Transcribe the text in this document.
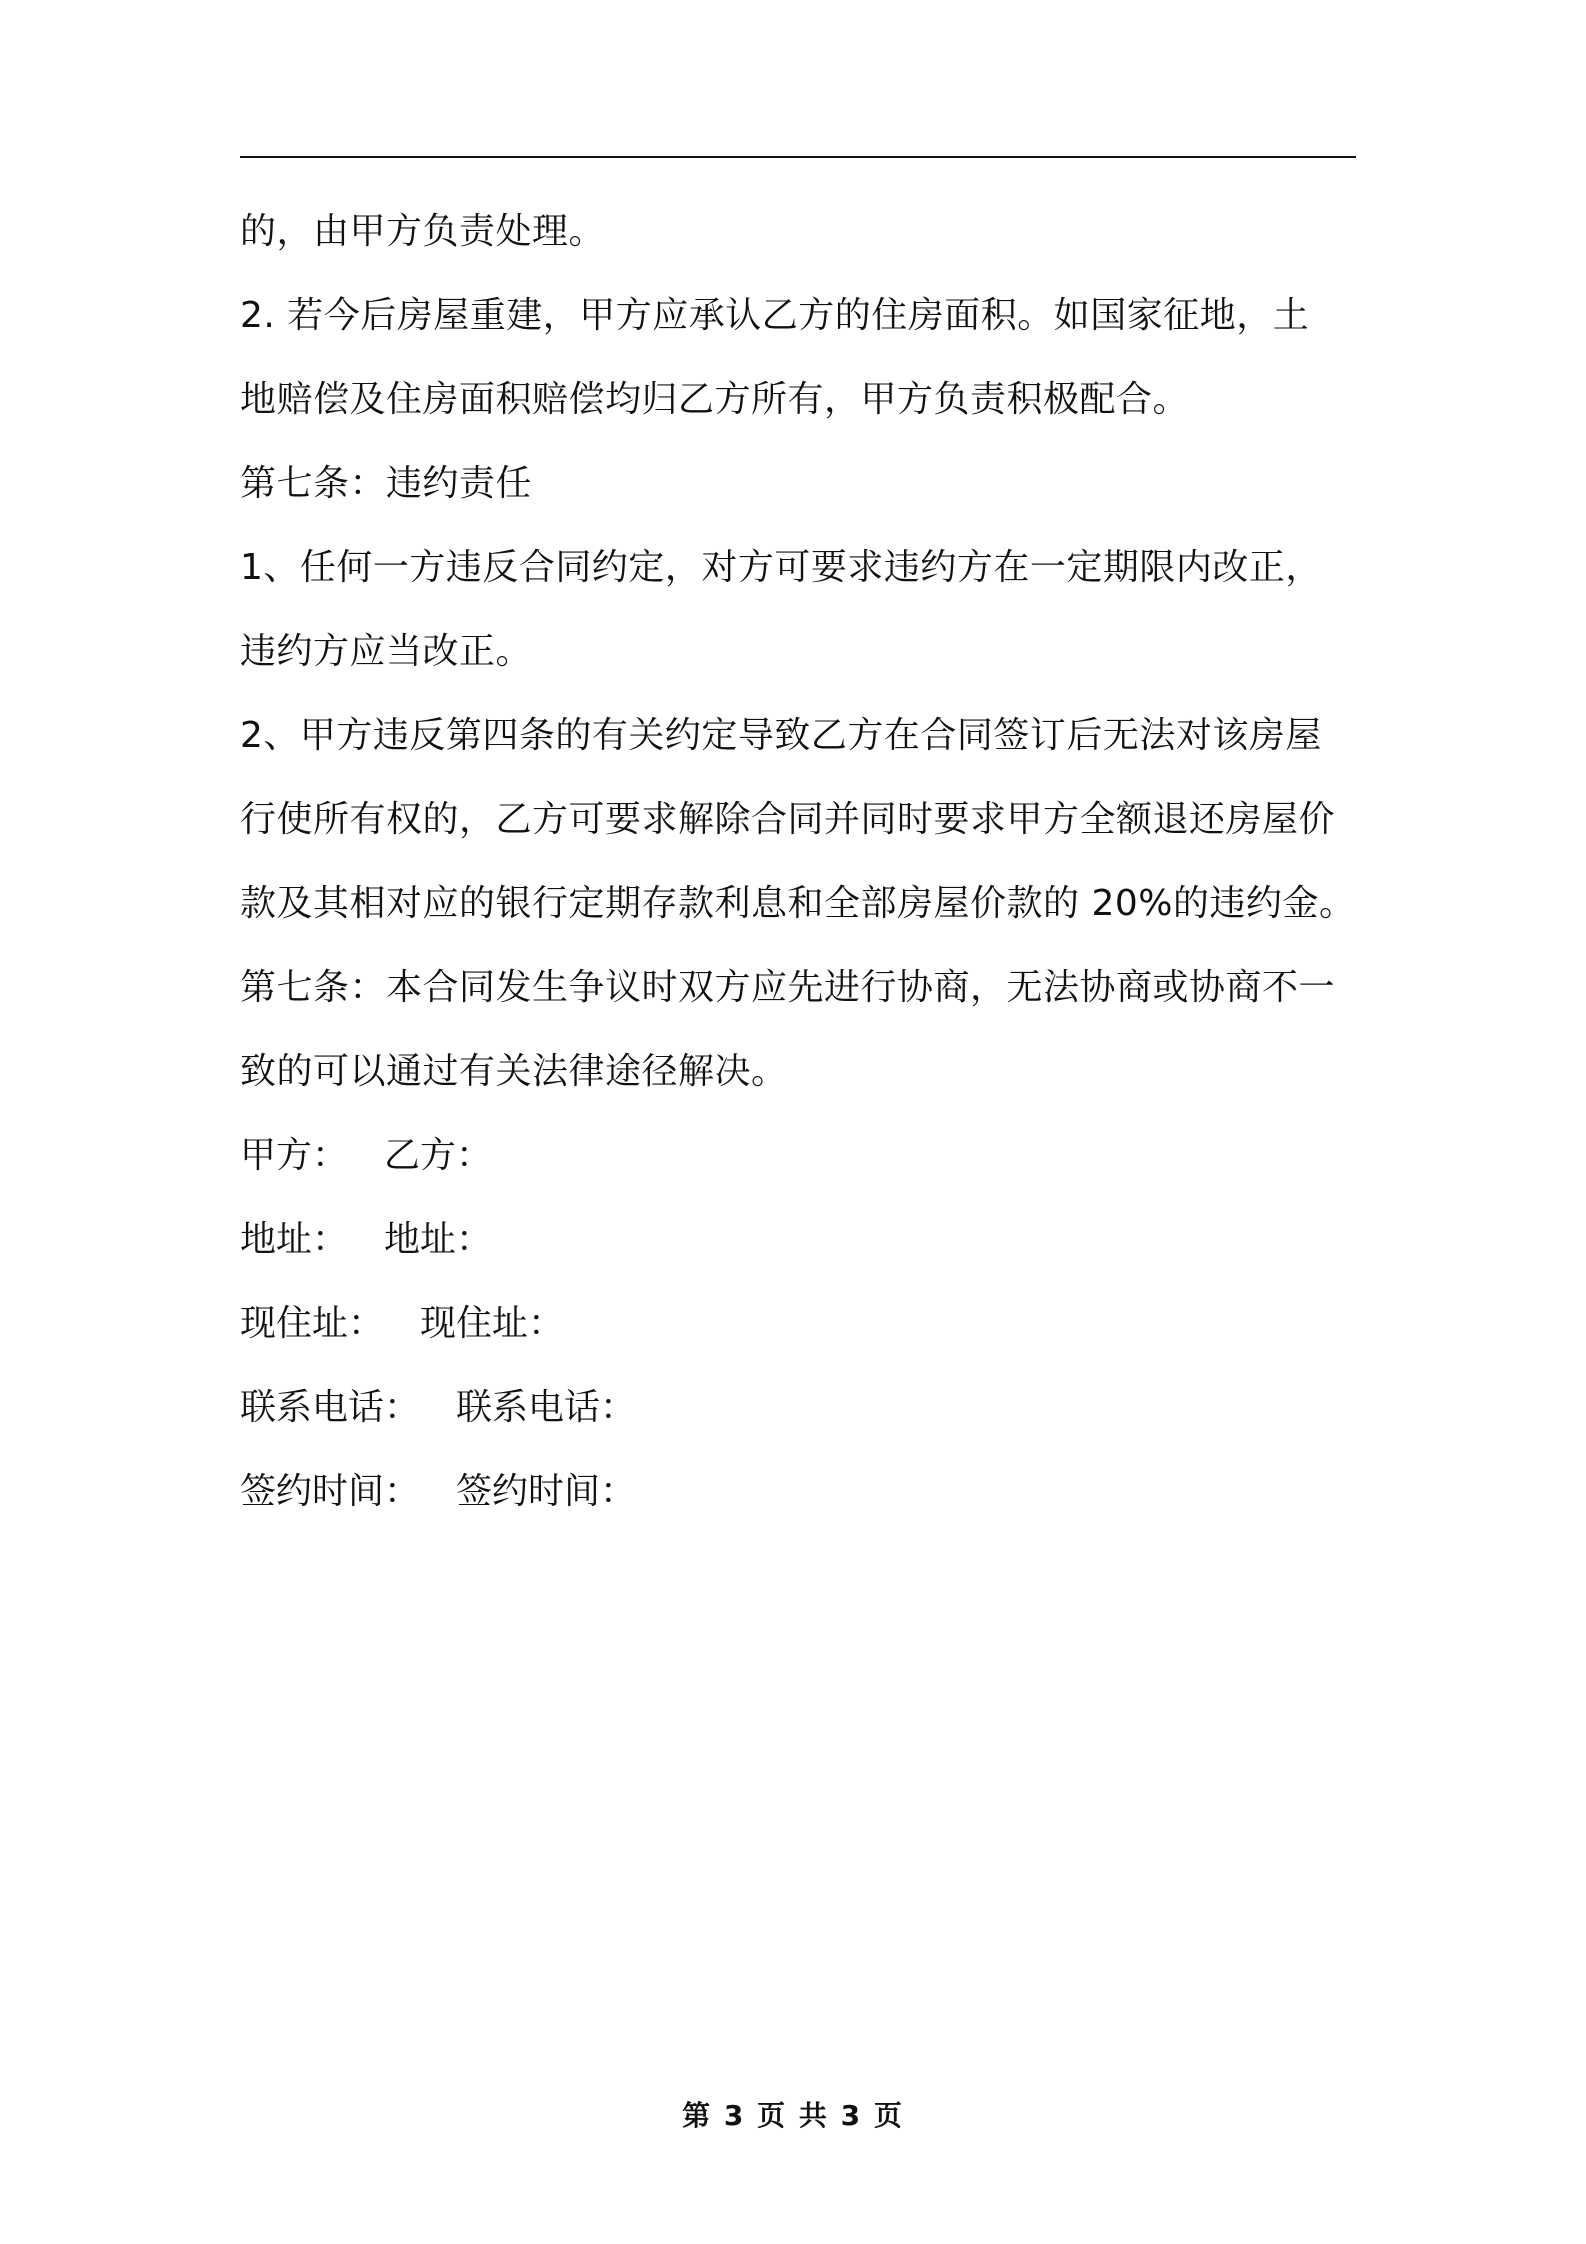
的，由甲方负责处理。
2. 若今后房屋重建，甲方应承认乙方的住房面积。如国家征地，土
地赔偿及住房面积赔偿均归乙方所有，甲方负责积极配合。
第七条：违约责任
1、任何一方违反合同约定，对方可要求违约方在一定期限内改正，
违约方应当改正。
2、甲方违反第四条的有关约定导致乙方在合同签订后无法对该房屋
行使所有权的，乙方可要求解除合同并同时要求甲方全额退还房屋价
款及其相对应的银行定期存款利息和全部房屋价款的 20%的违约金。
第七条：本合同发生争议时双方应先进行协商，无法协商或协商不一
致的可以通过有关法律途径解决。
甲方： 乙方：
地址： 地址：
现住址： 现住址：
联系电话： 联系电话：
签约时间： 签约时间：
第 3 页 共 3 页
